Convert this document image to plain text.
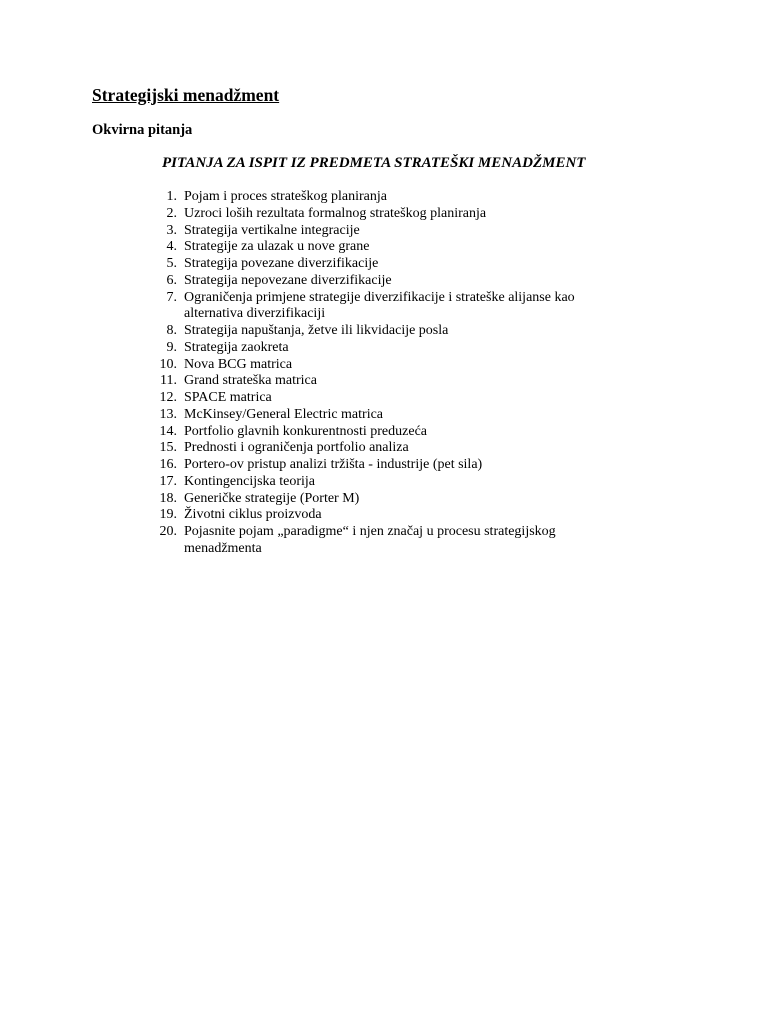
Strategijski menadžment
Okvirna pitanja
PITANJA ZA ISPIT IZ PREDMETA STRATEŠKI MENADŽMENT
1. Pojam i proces strateškog planiranja
2. Uzroci loših rezultata formalnog strateškog planiranja
3. Strategija vertikalne integracije
4. Strategije za ulazak u nove grane
5. Strategija povezane diverzifikacije
6. Strategija nepovezane diverzifikacije
7. Ograničenja primjene strategije diverzifikacije i strateške alijanse kao alternativa diverzifikaciji
8. Strategija napuštanja, žetve ili likvidacije posla
9. Strategija zaokreta
10. Nova BCG matrica
11. Grand strateška matrica
12. SPACE matrica
13. McKinsey/General Electric matrica
14. Portfolio glavnih konkurentnosti preduzeća
15. Prednosti i ograničenja portfolio analiza
16. Portero-ov pristup analizi tržišta - industrije (pet sila)
17. Kontingencijska teorija
18. Generičke strategije (Porter M)
19. Životni ciklus proizvoda
20. Pojasnite pojam „paradigme“ i njen značaj u procesu strategijskog menadžmenta
